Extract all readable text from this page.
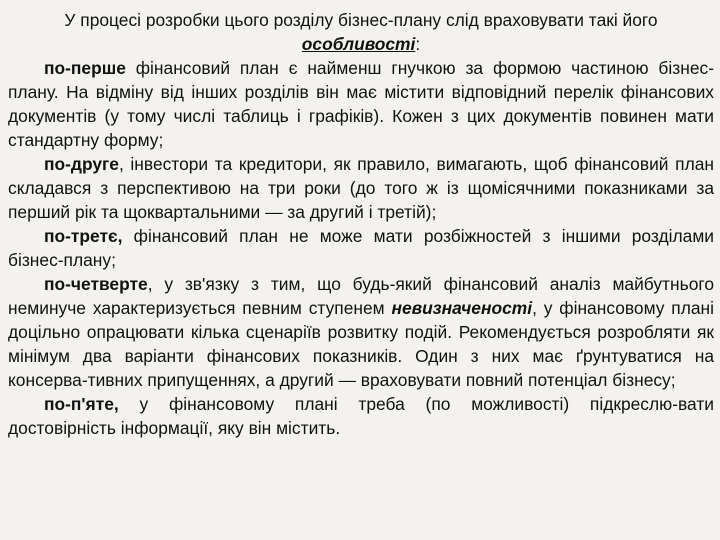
У процесі розробки цього розділу бізнес-плану слід враховувати такі його особливості:

по-перше фінансовий план є найменш гнучкою за формою частиною бізнес-плану. На відміну від інших розділів він має містити відповідний перелік фінансових документів (у тому числі таблиць і графіків). Кожен з цих документів повинен мати стандартну форму;

по-друге, інвестори та кредитори, як правило, вимагають, щоб фінансовий план складався з перспективою на три роки (до того ж із щомісячними показниками за перший рік та щоквартальними — за другий і третій);

по-третє, фінансовий план не може мати розбіжностей з іншими розділами бізнес-плану;

по-четверте, у зв'язку з тим, що будь-який фінансовий аналіз майбутнього неминуче характеризується певним ступенем невизначеності, у фінансовому плані доцільно опрацювати кілька сценаріїв розвитку подій. Рекомендується розробляти як мінімум два варіанти фінансових показників. Один з них має ґрунтуватися на консерва-тивних припущеннях, а другий — враховувати повний потенціал бізнесу;

по-п'яте, у фінансовому плані треба (по можливості) підкреслю-вати достовірність інформації, яку він містить.
